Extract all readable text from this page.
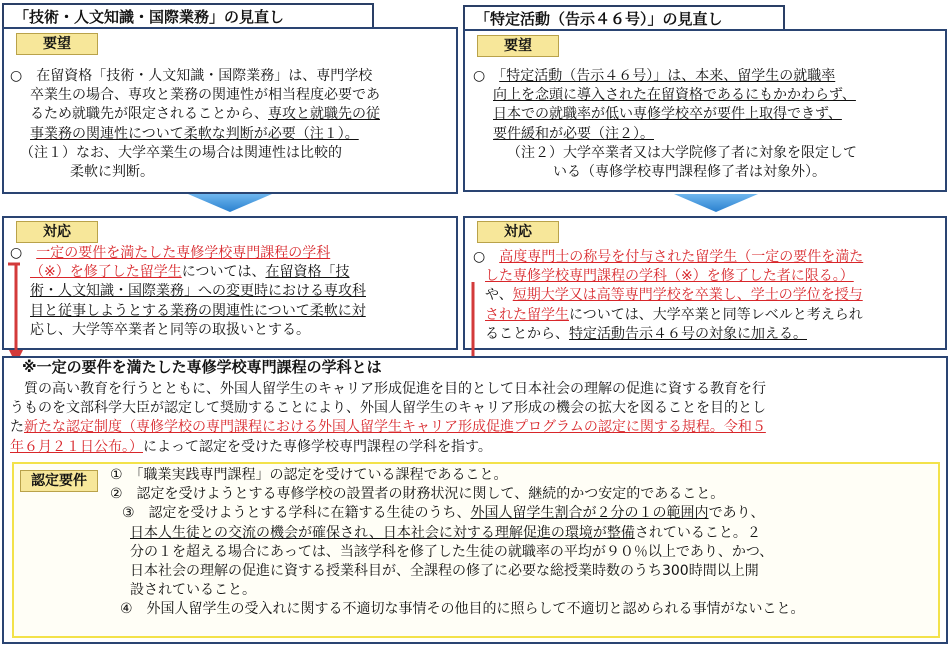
「技術・人文知識・国際業務」の見直し
要望
○　在留資格「技術・人文知識・国際業務」は、専門学校
卒業生の場合、専攻と業務の関連性が相当程度必要であ
るため就職先が限定されることから、専攻と就職先の従
事業務の関連性について柔軟な判断が必要（注１）。
（注１）なお、大学卒業生の場合は関連性は比較的
柔軟に判断。
「特定活動（告示４６号）」の見直し
要望
○　「特定活動（告示４６号）」は、本来、留学生の就職率
向上を念頭に導入された在留資格であるにもかかわらず、
日本での就職率が低い専修学校卒が要件上取得できず、
要件緩和が必要（注２）。
（注２）大学卒業者又は大学院修了者に対象を限定して
いる（専修学校専門課程修了者は対象外）。
対応
○　一定の要件を満たした専修学校専門課程の学科
（※）を修了した留学生については、在留資格「技
術・人文知識・国際業務」への変更時における専攻科
目と従事しようとする業務の関連性について柔軟に対
応し、大学等卒業者と同等の取扱いとする。
対応
○　高度専門士の称号を付与された留学生（一定の要件を満た
した専修学校専門課程の学科（※）を修了した者に限る。）
や、短期大学又は高等専門学校を卒業し、学士の学位を授与
された留学生については、大学卒業と同等レベルと考えられ
ることから、特定活動告示４６号の対象に加える。
※一定の要件を満たした専修学校専門課程の学科とは
　質の高い教育を行うとともに、外国人留学生のキャリア形成促進を目的として日本社会の理解の促進に資する教育を行
うものを文部科学大臣が認定して奨励することにより、外国人留学生のキャリア形成の機会の拡大を図ることを目的とし
た新たな認定制度（専修学校の専門課程における外国人留学生キャリア形成促進プログラムの認定に関する規程。令和５
年６月２１日公布。）によって認定を受けた専修学校専門課程の学科を指す。
認定要件	①　「職業実践専門課程」の認定を受けている課程であること。
②　認定を受けようとする専修学校の設置者の財務状況に関して、継続的かつ安定的であること。
③　認定を受けようとする学科に在籍する生徒のうち、外国人留学生割合が２分の１の範囲内であり、
日本人生徒との交流の機会が確保され、日本社会に対する理解促進の環境が整備されていること。２
分の１を超える場合にあっては、当該学科を修了した生徒の就職率の平均が９０％以上であり、かつ、
日本社会の理解の促進に資する授業科目が、全課程の修了に必要な総授業時数のうち300時間以上開
設されていること。
④　外国人留学生の受入れに関する不適切な事情その他目的に照らして不適切と認められる事情がないこと。
